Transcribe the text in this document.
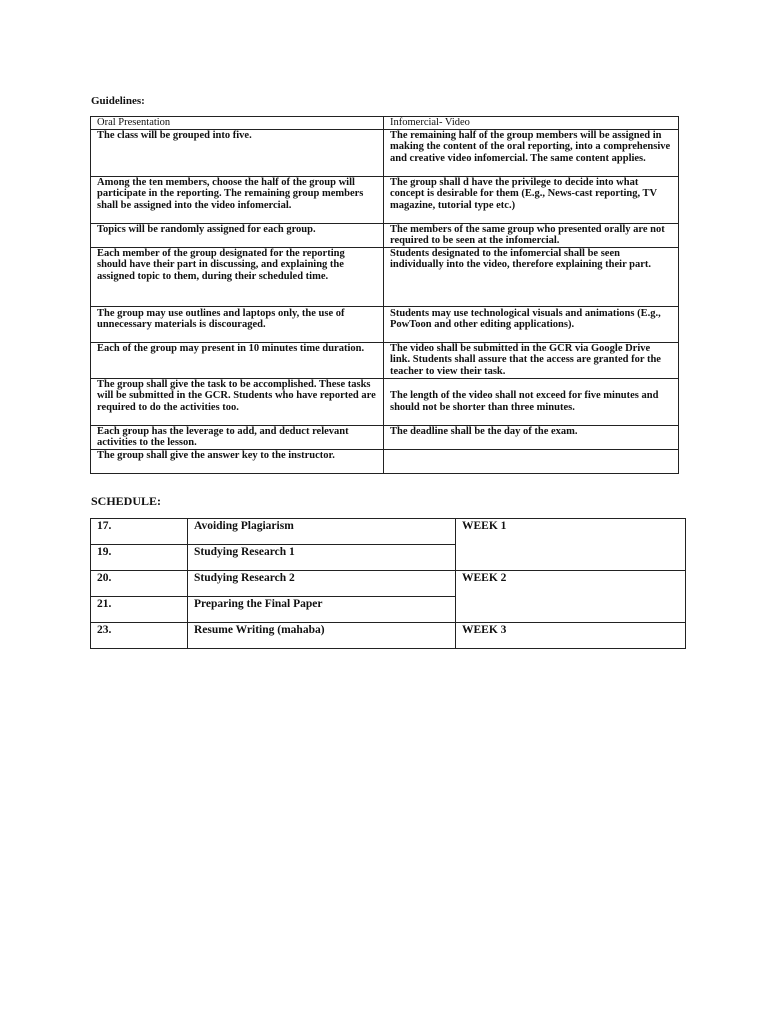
Guidelines:
Oral Presentation	Infomercial- Video
The class will be grouped into five.	The remaining half of the group members will be assigned in making the content of the oral reporting, into a comprehensive and creative video infomercial. The same content applies.
Among the ten members, choose the half of the group will participate in the reporting. The remaining group members shall be assigned into the video infomercial.	The group shall d have the privilege to decide into what concept is desirable for them (E.g., News-cast reporting, TV magazine, tutorial type etc.)
Topics will be randomly assigned for each group.	The members of the same group who presented orally are not required to be seen at the infomercial.
Each member of the group designated for the reporting should have their part in discussing, and explaining the assigned topic to them, during their scheduled time.	Students designated to the infomercial shall be seen individually into the video, therefore explaining their part.
The group may use outlines and laptops only, the use of unnecessary materials is discouraged.	Students may use technological visuals and animations (E.g., PowToon and other editing applications).
Each of the group may present in 10 minutes time duration.	The video shall be submitted in the GCR via Google Drive link. Students shall assure that the access are granted for the teacher to view their task.
The group shall give the task to be accomplished. These tasks will be submitted in the GCR. Students who have reported are required to do the activities too.	The length of the video shall not exceed for five minutes and should not be shorter than three minutes.
Each group has the leverage to add, and deduct relevant activities to the lesson.	The deadline shall be the day of the exam.
The group shall give the answer key to the instructor.	
SCHEDULE:
17.	Avoiding Plagiarism	WEEK 1
19.	Studying Research 1	
20.	Studying Research 2	WEEK 2
21.	Preparing the Final Paper	
23.	Resume Writing (mahaba)	WEEK 3
